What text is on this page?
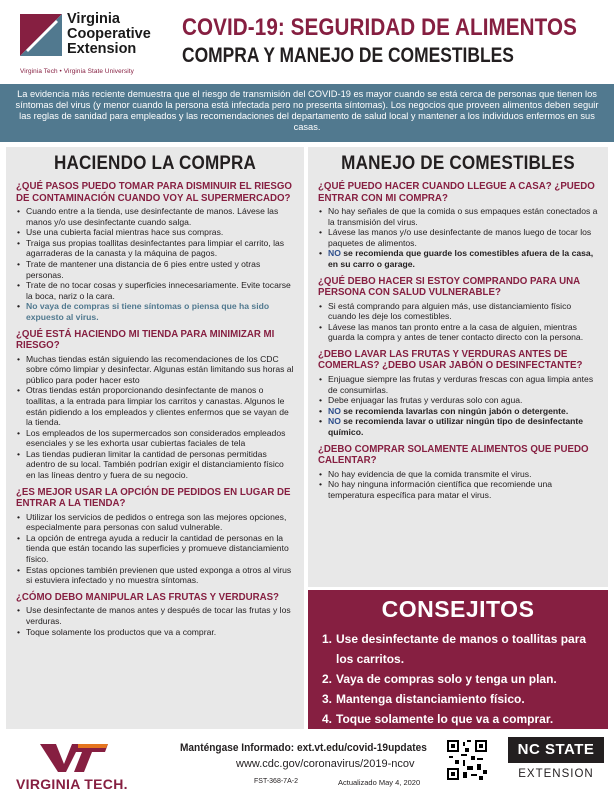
Virginia
Cooperative
Extension
Virginia Tech • Virginia State University
COVID-19: SEGURIDAD DE ALIMENTOS
COMPRA Y MANEJO DE COMESTIBLES
La evidencia más reciente demuestra que el riesgo de transmisión del COVID-19 es mayor cuando se está cerca de personas que tienen los síntomas del virus (y menor cuando la persona está infectada pero no presenta síntomas). Los negocios que proveen alimentos deben seguir las reglas de sanidad para empleados y las recomendaciones del departamento de salud local y mantener a los individuos enfermos en sus casas.
HACIENDO LA COMPRA
¿QUÉ PASOS PUEDO TOMAR PARA DISMINUIR EL RIESGO DE CONTAMINACIÓN CUANDO VOY AL SUPERMERCADO?
• Cuando entre a la tienda, use desinfectante de manos. Lávese las manos y/o use desinfectante cuando salga.
• Use una cubierta facial mientras hace sus compras.
• Traiga sus propias toallitas desinfectantes para limpiar el carrito, las agarraderas de la canasta y la máquina de pagos.
• Trate de mantener una distancia de 6 pies entre usted y otras personas.
• Trate de no tocar cosas y superficies innecesariamente. Evite tocarse la boca, nariz o la cara.
• No vaya de compras si tiene síntomas o piensa que ha sido expuesto al virus.
¿QUÉ ESTÁ HACIENDO MI TIENDA PARA MINIMIZAR MI RIESGO?
• Muchas tiendas están siguiendo las recomendaciones de los CDC sobre cómo limpiar y desinfectar. Algunas están limitando sus horas al público para poder hacer esto
• Otras tiendas están proporcionando desinfectante de manos o toallitas, a la entrada para limpiar los carritos y canastas. Algunos le están pidiendo a los empleados y clientes enfermos que se vayan de la tienda.
• Los empleados de los supermercados son considerados empleados esenciales y se les exhorta usar cubiertas faciales de tela
• Las tiendas pudieran limitar la cantidad de personas permitidas adentro de su local. También podrían exigir el distanciamiento físico en las líneas dentro y fuera de su negocio.
¿ES MEJOR USAR LA OPCIÓN DE PEDIDOS EN LUGAR DE ENTRAR A LA TIENDA?
• Utilizar los servicios de pedidos o entrega son las mejores opciones, especialmente para personas con salud vulnerable.
• La opción de entrega ayuda a reducir la cantidad de personas en la tienda que están tocando las superficies y promueve distanciamiento físico.
• Estas opciones también previenen que usted exponga a otros al virus si estuviera infectado y no muestra síntomas.
¿CÓMO DEBO MANIPULAR LAS FRUTAS Y VERDURAS?
• Use desinfectante de manos antes y después de tocar las frutas y los verduras.
• Toque solamente los productos que va a comprar.
MANEJO DE COMESTIBLES
¿QUÉ PUEDO HACER CUANDO LLEGUE A CASA? ¿PUEDO ENTRAR CON MI COMPRA?
• No hay señales de que la comida o sus empaques están conectados a la transmisión del virus.
• Lávese las manos y/o use desinfectante de manos luego de tocar los paquetes de alimentos.
• NO se recomienda que guarde los comestibles afuera de la casa, en su carro o garage.
¿QUÉ DEBO HACER SI ESTOY COMPRANDO PARA UNA PERSONA CON SALUD VULNERABLE?
• Si está comprando para alguien más, use distanciamiento físico cuando les deje los comestibles.
• Lávese las manos tan pronto entre a la casa de alguien, mientras guarda la compra y antes de tener contacto directo con la persona.
¿DEBO LAVAR LAS FRUTAS Y VERDURAS ANTES DE COMERLAS? ¿DEBO USAR JABÓN O DESINFECTANTE?
• Enjuague siempre las frutas y verduras frescas con agua limpia antes de consumirlas.
• Debe enjuagar las frutas y verduras solo con agua.
• NO se recomienda lavarlas con ningún jabón o detergente.
• NO se recomienda lavar o utilizar ningún tipo de desinfectante químico.
¿DEBO COMPRAR SOLAMENTE ALIMENTOS QUE PUEDO CALENTAR?
• No hay evidencia de que la comida transmite el virus.
• No hay ninguna información científica que recomiende una temperatura específica para matar el virus.
CONSEJITOS
1. Use desinfectante de manos o toallitas para los carritos.
2. Vaya de compras solo y tenga un plan.
3. Mantenga distanciamiento físico.
4. Toque solamente lo que va a comprar.
VIRGINIA TECH.
Manténgase Informado: ext.vt.edu/covid-19updates
www.cdc.gov/coronavirus/2019-ncov
FST-368-7A-2	Actualizado May 4, 2020
NC STATE
EXTENSION
